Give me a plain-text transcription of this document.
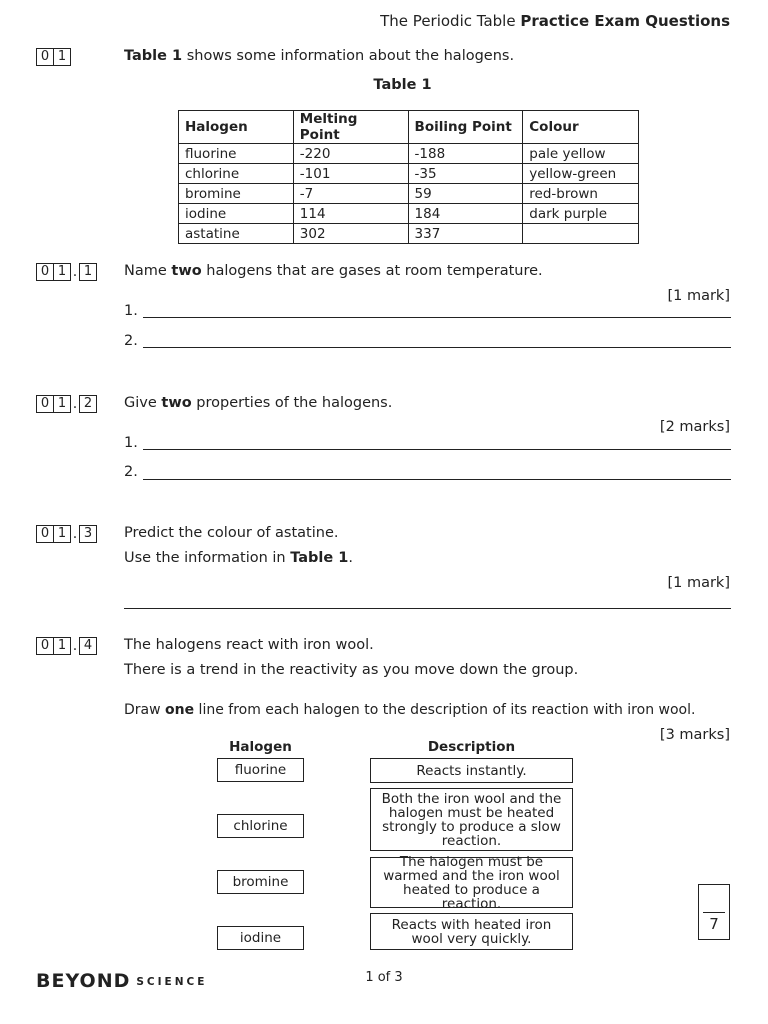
The Periodic Table Practice Exam Questions
0 1	Table 1 shows some information about the halogens.
Table 1
Halogen	Melting Point	Boiling Point	Colour
fluorine	-220	-188	pale yellow
chlorine	-101	-35	yellow-green
bromine	-7	59	red-brown
iodine	114	184	dark purple
astatine	302	337	
0 1 . 1	Name two halogens that are gases at room temperature.
[1 mark]
1.
2.
0 1 . 2	Give two properties of the halogens.
[2 marks]
1.
2.
0 1 . 3	Predict the colour of astatine.
Use the information in Table 1.
[1 mark]
0 1 . 4	The halogens react with iron wool.
There is a trend in the reactivity as you move down the group.
Draw one line from each halogen to the description of its reaction with iron wool.
[3 marks]
Halogen	Description
fluorine
chlorine
bromine
iodine
Reacts instantly.
Both the iron wool and the halogen must be heated strongly to produce a slow reaction.
The halogen must be warmed and the iron wool heated to produce a reaction.
Reacts with heated iron wool very quickly.
7
BEYOND SCIENCE	1 of 3
